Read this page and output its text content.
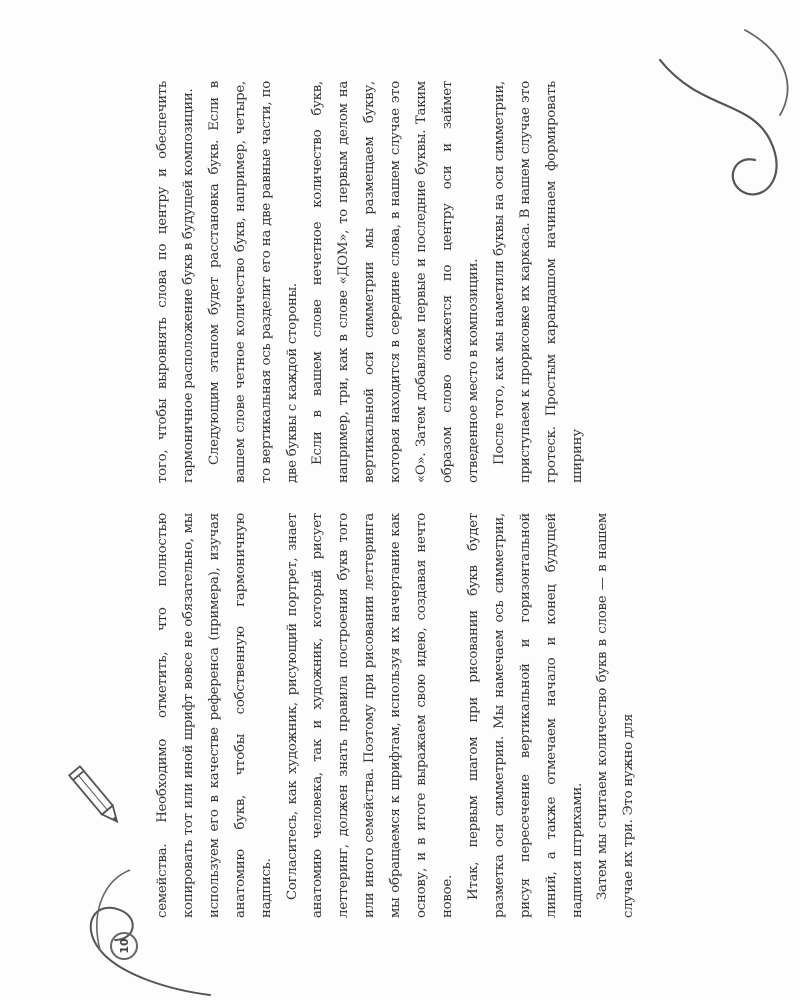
10

семейства. Необходимо отметить, что полностью копировать тот или иной шрифт вовсе не обязательно, мы используем его в качестве референса (примера), изучая анатомию букв, чтобы собственную гармоничную надпись. Согласитесь, как художник, рисующий портрет, знает анатомию человека, так и художник, который рисует леттеринг, должен знать правила построения букв того или иного семейства. Поэтому при рисовании леттеринга мы обращаемся к шрифтам, используя их начертание как основу, и в итоге выражаем свою идею, создавая нечто новое. Итак, первым шагом при рисовании букв будет разметка оси симметрии. Мы намечаем ось симметрии, рисуя пересечение вертикальной и горизонтальной линий, а также отмечаем начало и конец будущей надписи штрихами. Затем мы считаем количество букв в слове — в нашем случае их три. Это нужно для

того, чтобы выровнять слова по центру и обеспечить гармоничное расположение букв в будущей композиции. Следующим этапом будет расстановка букв. Если в вашем слове четное количество букв, например, четыре, то вертикальная ось разделит его на две равные части, по две буквы с каждой стороны. Если в вашем слове нечетное количество букв, например, три, как в слове «ДОМ», то первым делом на вертикальной оси симметрии мы размещаем букву, которая находится в середине слова, в нашем случае это «О». Затем добавляем первые и последние буквы. Таким образом слово окажется по центру оси и займет отведенное место в композиции. После того, как мы наметили буквы на оси симметрии, приступаем к прорисовке их каркаса. В нашем случае это гротеск. Простым карандашом начинаем формировать ширину
